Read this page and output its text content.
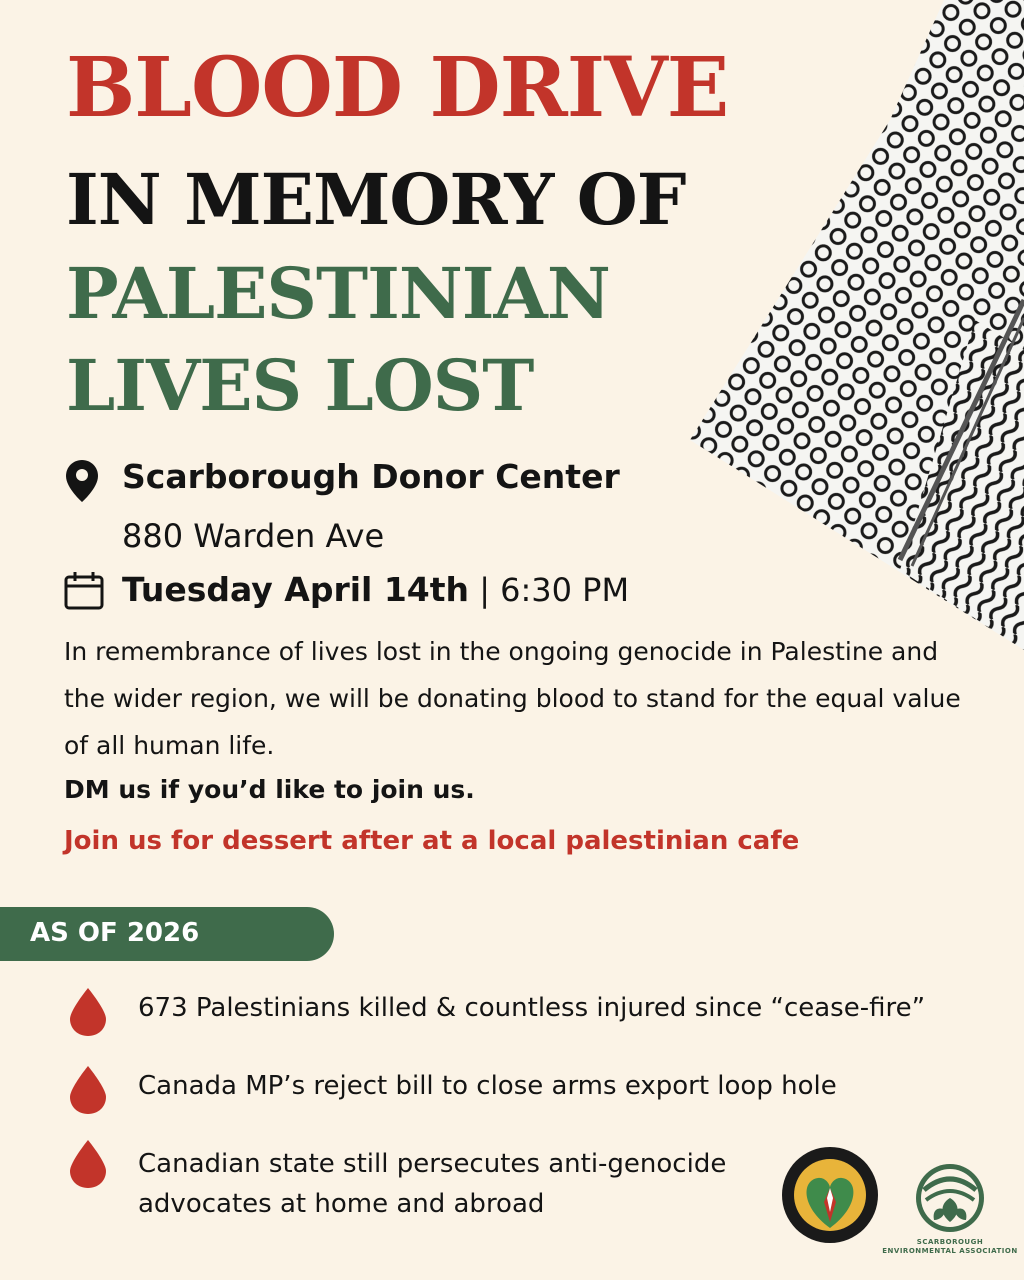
BLOOD DRIVE
IN MEMORY OF
PALESTINIAN
LIVES LOST
Scarborough Donor Center
880 Warden Ave
Tuesday April 14th | 6:30 PM

In remembrance of lives lost in the ongoing genocide in Palestine and the wider region, we will be donating blood to stand for the equal value of all human life.

DM us if you’d like to join us.
Join us for dessert after at a local palestinian cafe
AS OF 2026

673 Palestinians killed & countless injured since “cease-fire”

Canada MP’s reject bill to close arms export loop hole

Canadian state still persecutes anti-genocide advocates at home and abroad

SCARBOROUGH ENVIRONMENTAL ASSOCIATION
